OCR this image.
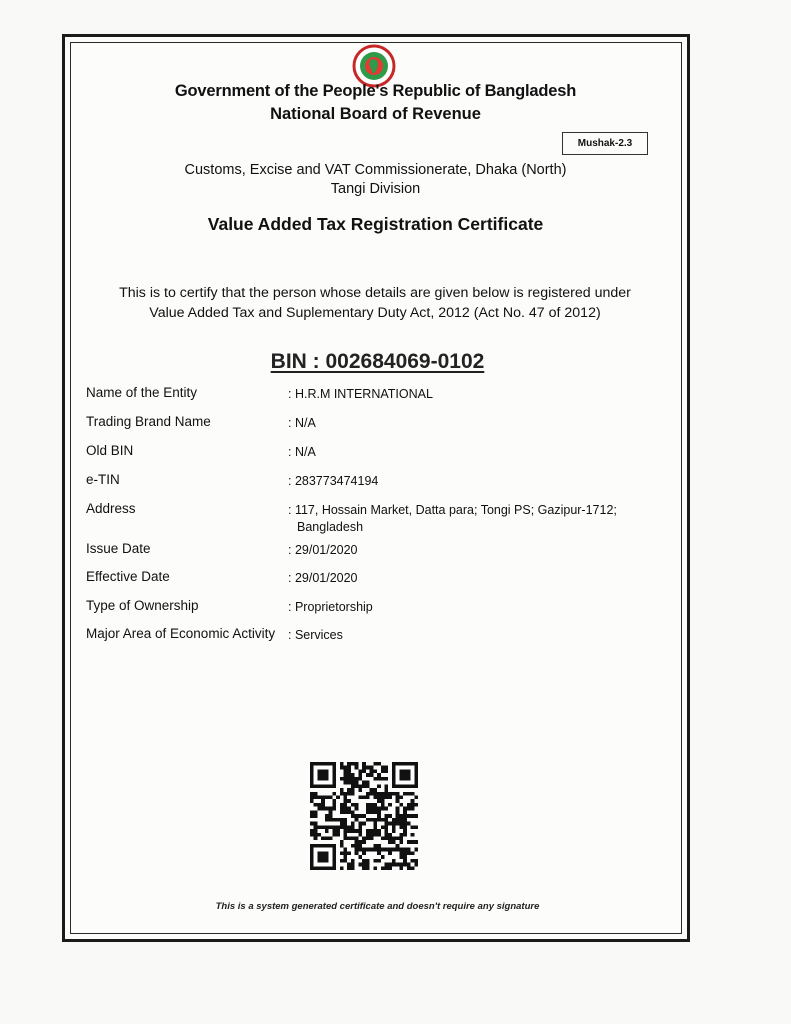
Government of the People's Republic of Bangladesh
National Board of Revenue
Mushak-2.3
Customs, Excise and VAT Commissionerate, Dhaka (North)
Tangi Division
Value Added Tax Registration Certificate
This is to certify that the person whose details are given below is registered under
Value Added Tax and Suplementary Duty Act, 2012 (Act No. 47 of 2012)
BIN : 002684069-0102
Name of the Entity	: H.R.M INTERNATIONAL
Trading Brand Name	: N/A
Old BIN	: N/A
e-TIN	: 283773474194
Address	: 117, Hossain Market, Datta para; Tongi PS; Gazipur-1712;
Bangladesh
Issue Date	: 29/01/2020
Effective Date	: 29/01/2020
Type of Ownership	: Proprietorship
Major Area of Economic Activity : Services
This is a system generated certificate and doesn't require any signature
